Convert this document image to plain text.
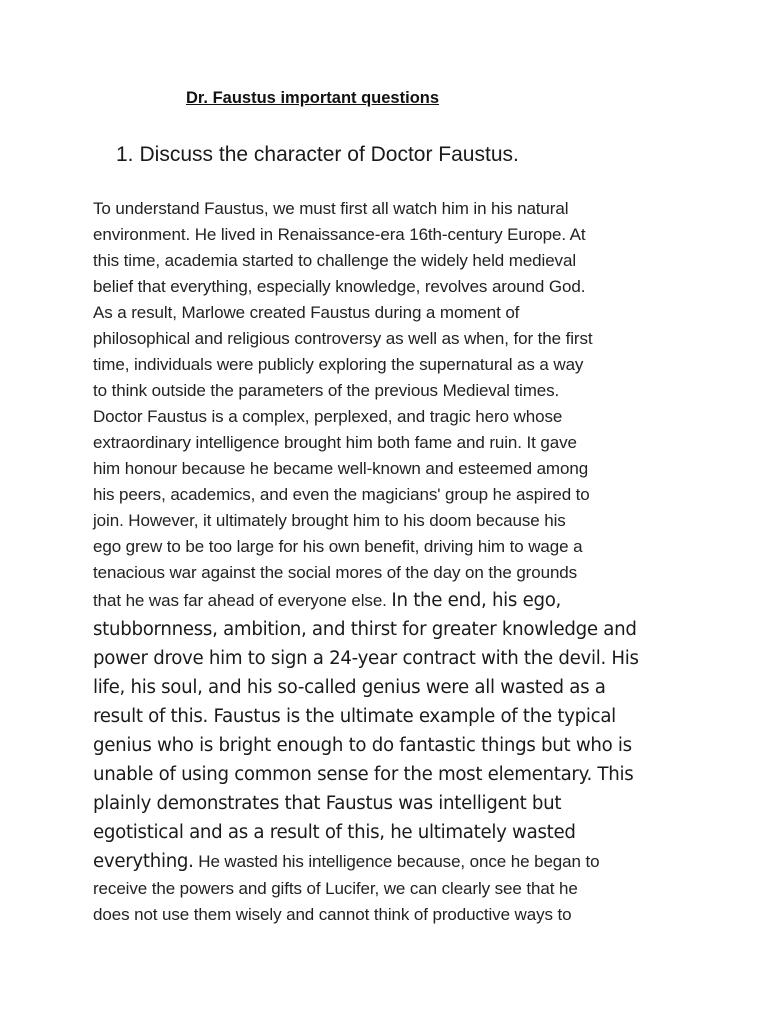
Dr. Faustus important questions
1. Discuss the character of Doctor Faustus.
To understand Faustus, we must first all watch him in his natural
environment. He lived in Renaissance-era 16th-century Europe. At
this time, academia started to challenge the widely held medieval
belief that everything, especially knowledge, revolves around God.
As a result, Marlowe created Faustus during a moment of
philosophical and religious controversy as well as when, for the first
time, individuals were publicly exploring the supernatural as a way
to think outside the parameters of the previous Medieval times.
Doctor Faustus is a complex, perplexed, and tragic hero whose
extraordinary intelligence brought him both fame and ruin. It gave
him honour because he became well-known and esteemed among
his peers, academics, and even the magicians' group he aspired to
join. However, it ultimately brought him to his doom because his
ego grew to be too large for his own benefit, driving him to wage a
tenacious war against the social mores of the day on the grounds
that he was far ahead of everyone else. In the end, his ego,
stubbornness, ambition, and thirst for greater knowledge and
power drove him to sign a 24-year contract with the devil. His
life, his soul, and his so-called genius were all wasted as a
result of this. Faustus is the ultimate example of the typical
genius who is bright enough to do fantastic things but who is
unable of using common sense for the most elementary. This
plainly demonstrates that Faustus was intelligent but
egotistical and as a result of this, he ultimately wasted
everything. He wasted his intelligence because, once he began to
receive the powers and gifts of Lucifer, we can clearly see that he
does not use them wisely and cannot think of productive ways to
